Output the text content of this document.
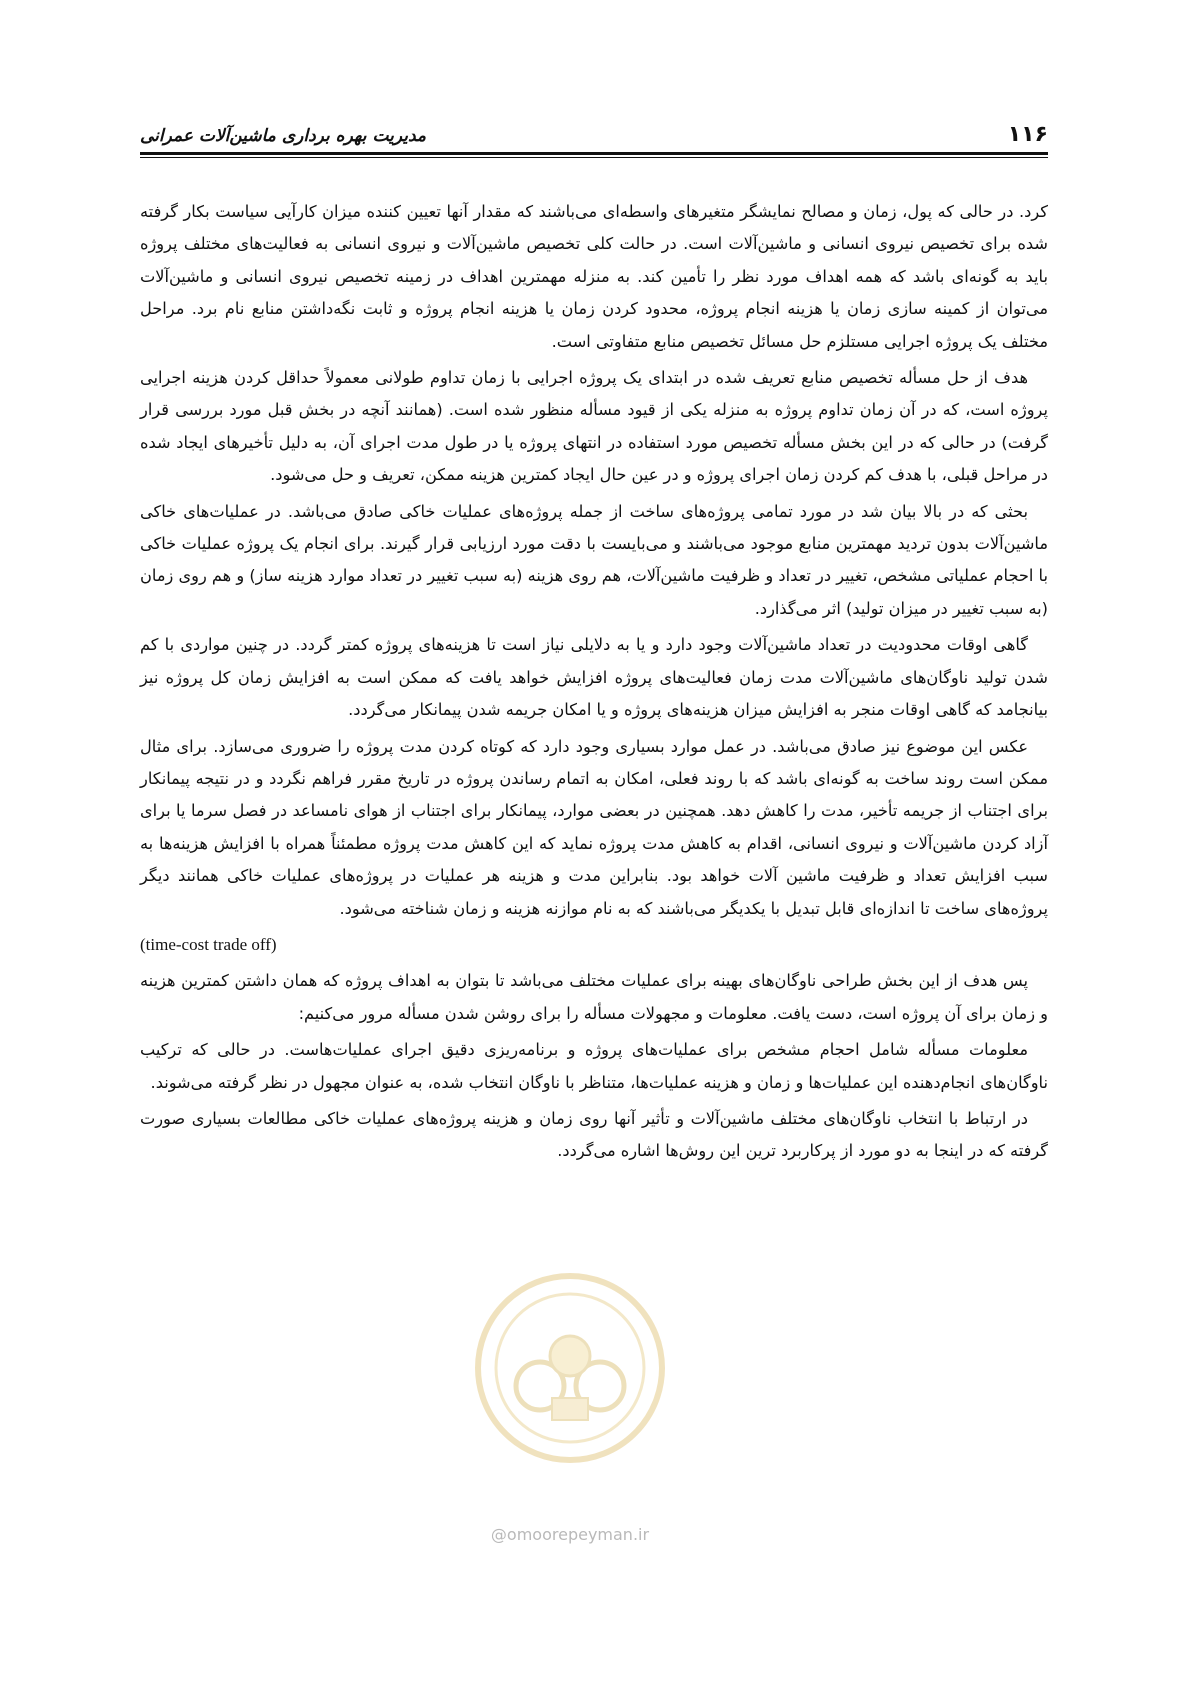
۱۱۶
مدیریت بهره برداری ماشین‌آلات عمرانی

کرد. در حالی که پول، زمان و مصالح نمایشگر متغیرهای واسطه‌ای می‌باشند که مقدار آنها تعیین کننده میزان کارآیی سیاست بکار گرفته شده برای تخصیص نیروی انسانی و ماشین‌آلات است. در حالت کلی تخصیص ماشین‌آلات و نیروی انسانی به فعالیت‌های مختلف پروژه باید به گونه‌ای باشد که همه اهداف مورد نظر را تأمین کند. به منزله مهمترین اهداف در زمینه تخصیص نیروی انسانی و ماشین‌آلات می‌توان از کمینه سازی زمان یا هزینه انجام پروژه، محدود کردن زمان یا هزینه انجام پروژه و ثابت نگه‌داشتن منابع نام برد. مراحل مختلف یک پروژه اجرایی مستلزم حل مسائل تخصیص منابع متفاوتی است.

هدف از حل مسأله تخصیص منابع تعریف شده در ابتدای یک پروژه اجرایی با زمان تداوم طولانی معمولاً حداقل کردن هزینه اجرایی پروژه است، که در آن زمان تداوم پروژه به منزله یکی از قیود مسأله منظور شده است. (همانند آنچه در بخش قبل مورد بررسی قرار گرفت) در حالی که در این بخش مسأله تخصیص مورد استفاده در انتهای پروژه یا در طول مدت اجرای آن، به دلیل تأخیرهای ایجاد شده در مراحل قبلی، با هدف کم کردن زمان اجرای پروژه و در عین حال ایجاد کمترین هزینه ممکن، تعریف و حل می‌شود.

بحثی که در بالا بیان شد در مورد تمامی پروژه‌های ساخت از جمله پروژه‌های عملیات خاکی صادق می‌باشد. در عملیات‌های خاکی ماشین‌آلات بدون تردید مهمترین منابع موجود می‌باشند و می‌بایست با دقت مورد ارزیابی قرار گیرند. برای انجام یک پروژه عملیات خاکی با احجام عملیاتی مشخص، تغییر در تعداد و ظرفیت ماشین‌آلات، هم روی هزینه (به سبب تغییر در تعداد موارد هزینه ساز) و هم روی زمان (به سبب تغییر در میزان تولید) اثر می‌گذارد.

گاهی اوقات محدودیت در تعداد ماشین‌آلات وجود دارد و یا به دلایلی نیاز است تا هزینه‌های پروژه کمتر گردد. در چنین مواردی با کم شدن تولید ناوگان‌های ماشین‌آلات مدت زمان فعالیت‌های پروژه افزایش خواهد یافت که ممکن است به افزایش زمان کل پروژه نیز بیانجامد که گاهی اوقات منجر به افزایش میزان هزینه‌های پروژه و یا امکان جریمه شدن پیمانکار می‌گردد.

عکس این موضوع نیز صادق می‌باشد. در عمل موارد بسیاری وجود دارد که کوتاه کردن مدت پروژه را ضروری می‌سازد. برای مثال ممکن است روند ساخت به گونه‌ای باشد که با روند فعلی، امکان به اتمام رساندن پروژه در تاریخ مقرر فراهم نگردد و در نتیجه پیمانکار برای اجتناب از جریمه تأخیر، مدت را کاهش دهد. همچنین در بعضی موارد، پیمانکار برای اجتناب از هوای نامساعد در فصل سرما یا برای آزاد کردن ماشین‌آلات و نیروی انسانی، اقدام به کاهش مدت پروژه نماید که این کاهش مدت پروژه مطمئناً همراه با افزایش هزینه‌ها به سبب افزایش تعداد و ظرفیت ماشین آلات خواهد بود. بنابراین مدت و هزینه هر عملیات در پروژه‌های عملیات خاکی همانند دیگر پروژه‌های ساخت تا اندازه‌ای قابل تبدیل با یکدیگر می‌باشند که به نام موازنه هزینه و زمان شناخته می‌شود.

(time-cost trade off)

پس هدف از این بخش طراحی ناوگان‌های بهینه برای عملیات مختلف می‌باشد تا بتوان به اهداف پروژه که همان داشتن کمترین هزینه و زمان برای آن پروژه است، دست یافت. معلومات و مجهولات مسأله را برای روشن شدن مسأله مرور می‌کنیم:

معلومات مسأله شامل احجام مشخص برای عملیات‌های پروژه و برنامه‌ریزی دقیق اجرای عملیات‌هاست. در حالی که ترکیب ناوگان‌های انجام‌دهنده این عملیات‌ها و زمان و هزینه عملیات‌ها، متناظر با ناوگان انتخاب شده، به عنوان مجهول در نظر گرفته می‌شوند.

در ارتباط با انتخاب ناوگان‌های مختلف ماشین‌آلات و تأثیر آنها روی زمان و هزینه پروژه‌های عملیات خاکی مطالعات بسیاری صورت گرفته که در اینجا به دو مورد از پرکاربرد ترین این روش‌ها اشاره می‌گردد.

@omoorepeyman.ir
